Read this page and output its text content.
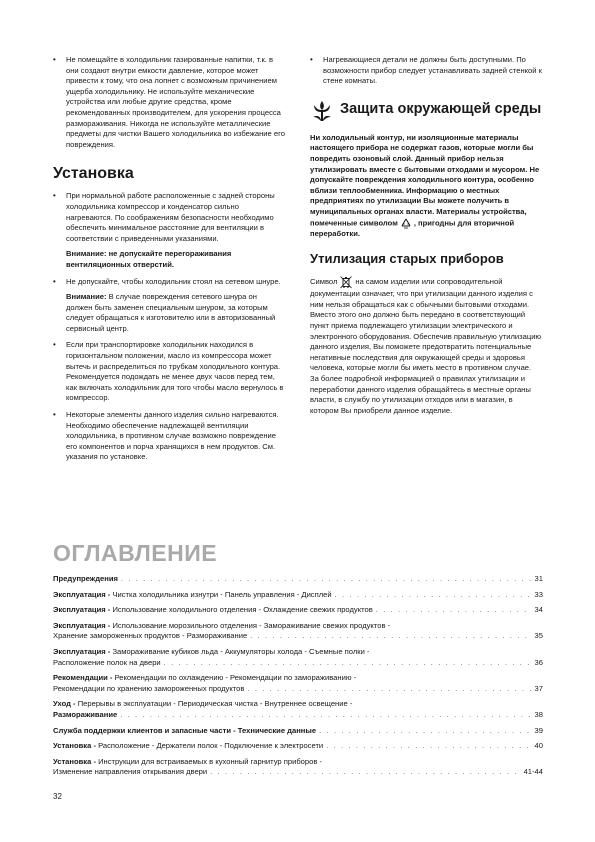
• Не помещайте в холодильник газированные напитки, т.к. в они создают внутри емкости давление, которое может привести к тому, что она лопнет с возможным причинением ущерба холодильнику. Не используйте механические устройства или любые другие средства, кроме рекомендованных производителем, для ускорения процесса размораживания. Никогда не используйте металлические предметы для чистки Вашего холодильника во избежание его повреждения.
Установка
• При нормальной работе расположенные с задней стороны холодильника компрессор и конденсатор сильно нагреваются. По соображениям безопасности необходимо обеспечить минимальное расстояние для вентиляции в соответствии с приведенными указаниями.
Внимание: не допускайте перегораживания вентиляционных отверстий.
• Не допускайте, чтобы холодильник стоял на сетевом шнуре.
Внимание: В случае повреждения сетевого шнура он должен быть заменен специальным шнуром, за которым следует обращаться к изготовителю или в авторизованный сервисный центр.
• Если при транспортировке холодильник находился в горизонтальном положении, масло из компрессора может вытечь и распределиться по трубкам холодильного контура. Рекомендуется подождать не менее двух часов перед тем, как включать холодильник для того чтобы масло вернулось в компрессор.
• Некоторые элементы данного изделия сильно нагреваются. Необходимо обеспечение надлежащей вентиляции холодильника, в противном случае возможно повреждение его компонентов и порча хранящихся в нем продуктов. См. указания по установке.
• Нагревающиеся детали не должны быть доступными. По возможности прибор следует устанавливать задней стенкой к стене комнаты.
Защита окружающей среды

Ни холодильный контур, ни изоляционные материалы настоящего прибора не содержат газов, которые могли бы повредить озоновый слой. Данный прибор нельзя утилизировать вместе с бытовыми отходами и мусором. Не допускайте повреждения холодильного контура, особенно вблизи теплообменника. Информацию о местных предприятиях по утилизации Вы можете получить в муниципальных органах власти. Материалы устройства, помеченные символом , пригодны для вторичной переработки.

Утилизация старых приборов

Символ на самом изделии или сопроводительной документации означает, что при утилизации данного изделия с ним нельзя обращаться как с обычными бытовыми отходами. Вместо этого оно должно быть передано в соответствующий пункт приема подлежащего утилизации электрического и электронного оборудования. Обеспечив правильную утилизацию данного изделия, Вы поможете предотвратить потенциальные негативные последствия для окружающей среды и здоровья человека, которые могли бы иметь место в противном случае. За более подробной информацией о правилах утилизации и переработки данного изделия обращайтесь в местные органы власти, в службу по утилизации отходов или в магазин, в котором Вы приобрели данное изделие.

ОГЛАВЛЕНИЕ
Предупреждения . . .	31
Эксплуатация - Чистка холодильника изнутри - Панель управления - Дисплей . . .	33
Эксплуатация - Использование холодильного отделения - Охлаждение свежих продуктов . . .	34
Эксплуатация - Использование морозильного отделения - Замораживание свежих продуктов -
Хранение замороженных продуктов - Размораживание . . .	35
Эксплуатация - Замораживание кубиков льда - Аккумуляторы холода - Съемные полки -
Расположение полок на двери . . .	36
Рекомендации - Рекомендации по охлаждению - Рекомендации по замораживанию -
Рекомендации по хранению замороженных продуктов . . .	37
Уход - Перерывы в эксплуатации - Периодическая чистка - Внутреннее освещение -
Размораживание . . .	38
Служба поддержки клиентов и запасные части - Технические данные . . .	39
Установка - Расположение - Держатели полок - Подключение к электросети . . .	40
Установка - Инструкции для встраиваемых в кухонный гарнитур приборов -
Изменение направления открывания двери . . .	41-44
32
